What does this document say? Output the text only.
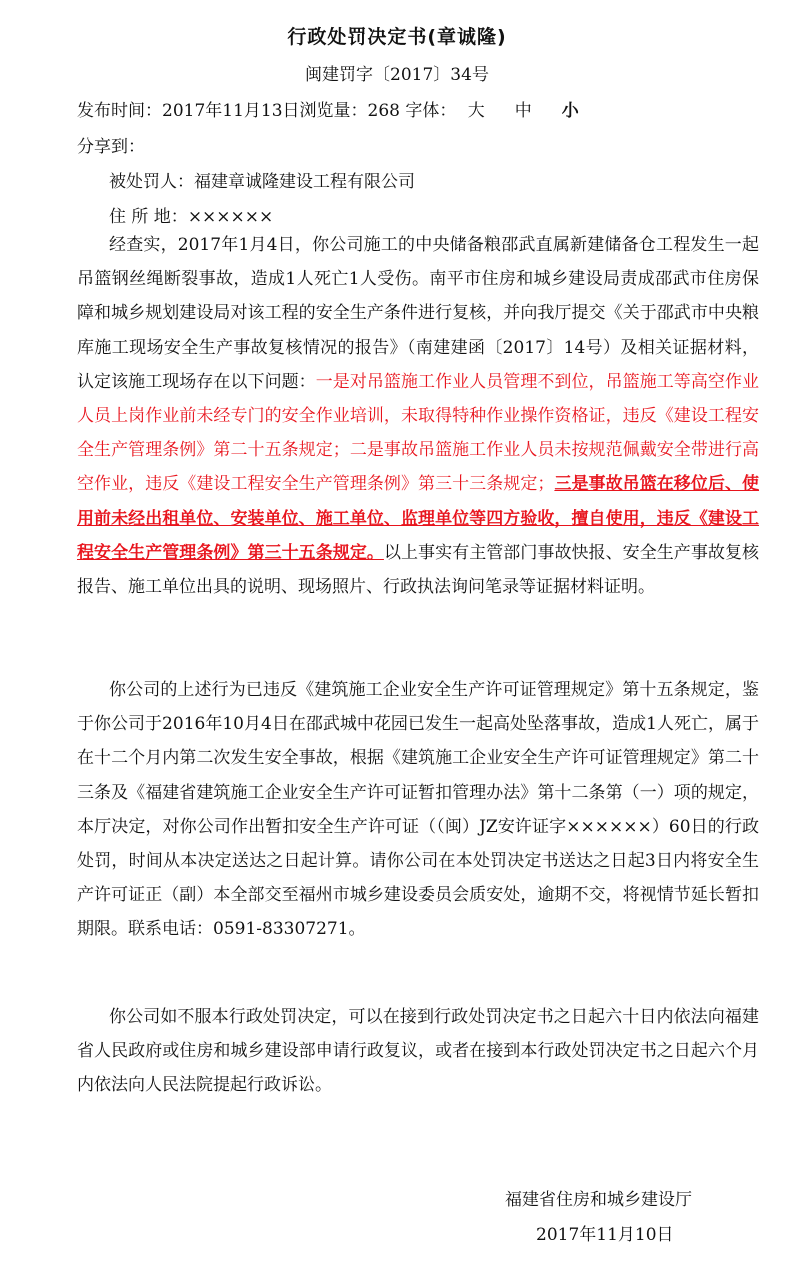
行政处罚决定书(章诚隆)
闽建罚字〔2017〕34号
发布时间：2017年11月13日浏览量：268 字体： 大 中 小
分享到：
被处罚人：福建章诚隆建设工程有限公司
住 所 地：××××××

经查实，2017年1月4日，你公司施工的中央储备粮邵武直属新建储备仓工程发生一起吊篮钢丝绳断裂事故，造成1人死亡1人受伤。南平市住房和城乡建设局责成邵武市住房保障和城乡规划建设局对该工程的安全生产条件进行复核，并向我厅提交《关于邵武市中央粮库施工现场安全生产事故复核情况的报告》（南建建函〔2017〕14号）及相关证据材料，认定该施工现场存在以下问题：一是对吊篮施工作业人员管理不到位，吊篮施工等高空作业人员上岗作业前未经专门的安全作业培训，未取得特种作业操作资格证，违反《建设工程安全生产管理条例》第二十五条规定；二是事故吊篮施工作业人员未按规范佩戴安全带进行高空作业，违反《建设工程安全生产管理条例》第三十三条规定；三是事故吊篮在移位后、使用前未经出租单位、安装单位、施工单位、监理单位等四方验收，擅自使用，违反《建设工程安全生产管理条例》第三十五条规定。以上事实有主管部门事故快报、安全生产事故复核报告、施工单位出具的说明、现场照片、行政执法询问笔录等证据材料证明。

你公司的上述行为已违反《建筑施工企业安全生产许可证管理规定》第十五条规定，鉴于你公司于2016年10月4日在邵武城中花园已发生一起高处坠落事故，造成1人死亡，属于在十二个月内第二次发生安全事故，根据《建筑施工企业安全生产许可证管理规定》第二十三条及《福建省建筑施工企业安全生产许可证暂扣管理办法》第十二条第（一）项的规定，本厅决定，对你公司作出暂扣安全生产许可证（（闽）JZ安许证字××××××）60日的行政处罚，时间从本决定送达之日起计算。请你公司在本处罚决定书送达之日起3日内将安全生产许可证正（副）本全部交至福州市城乡建设委员会质安处，逾期不交，将视情节延长暂扣期限。联系电话：0591-83307271。

你公司如不服本行政处罚决定，可以在接到行政处罚决定书之日起六十日内依法向福建省人民政府或住房和城乡建设部申请行政复议，或者在接到本行政处罚决定书之日起六个月内依法向人民法院提起行政诉讼。

福建省住房和城乡建设厅
2017年11月10日
